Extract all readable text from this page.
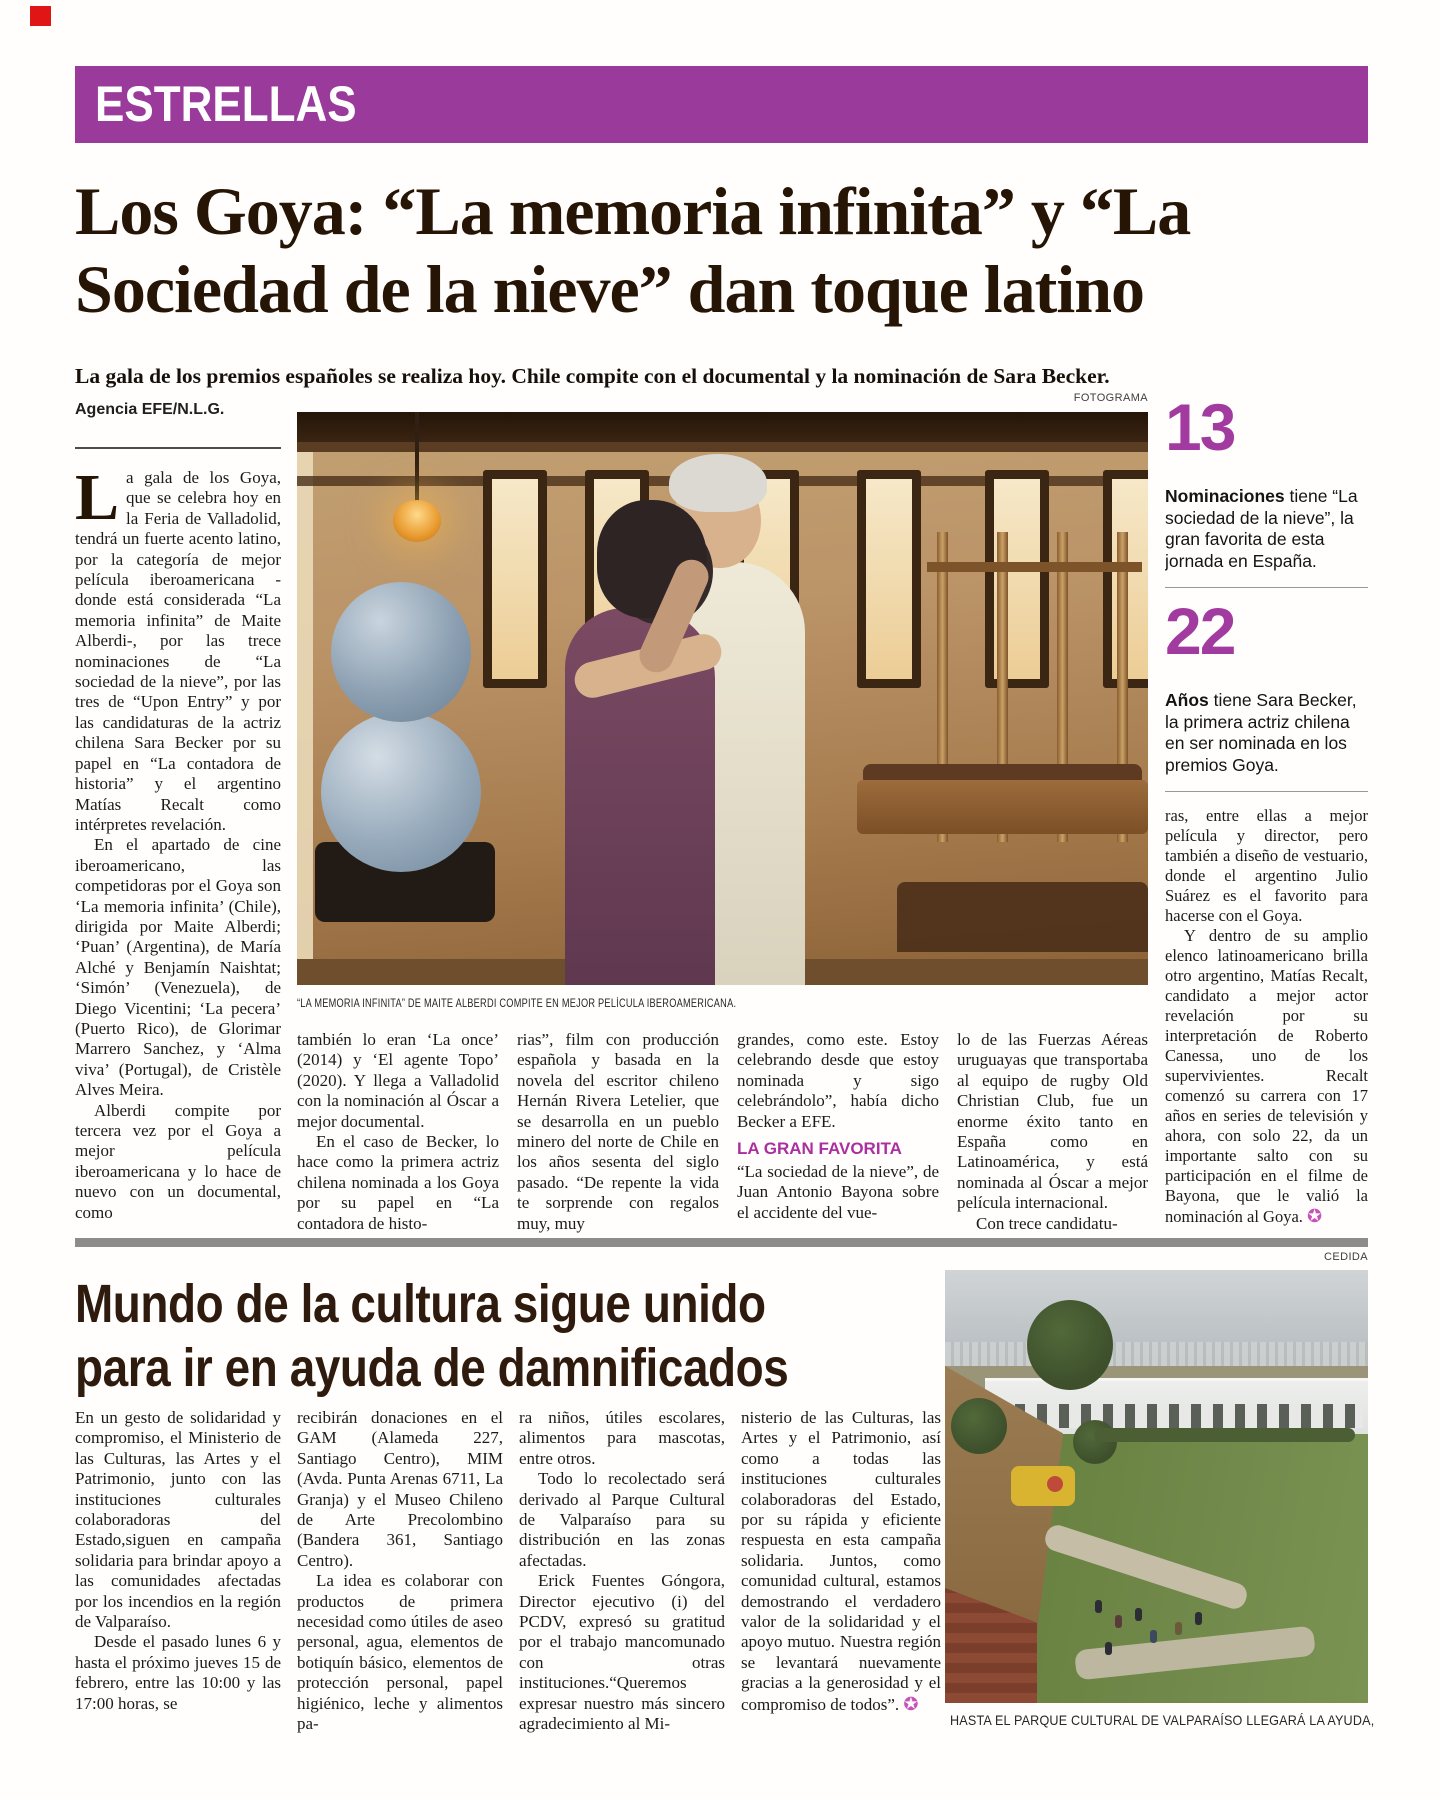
ESTRELLAS
Los Goya: “La memoria infinita” y “La
Sociedad de la nieve” dan toque latino
La gala de los premios españoles se realiza hoy. Chile compite con el documental y la nominación de Sara Becker.
Agencia EFE/N.L.G.
FOTOGRAMA
“LA MEMORIA INFINITA” DE MAITE ALBERDI COMPITE EN MEJOR PELÍCULA IBEROAMERICANA.

La gala de los Goya, que se celebra hoy en la Feria de Valladolid, tendrá un fuerte acento latino, por la categoría de mejor película iberoamericana -donde está considerada “La memoria infinita” de Maite Alberdi-, por las trece nominaciones de “La sociedad de la nieve”, por las tres de “Upon Entry” y por las candidaturas de la actriz chilena Sara Becker por su papel en “La contadora de historia” y el argentino Matías Recalt como intérpretes revelación.

En el apartado de cine iberoamericano, las competidoras por el Goya son ‘La memoria infinita’ (Chile), dirigida por Maite Alberdi; ‘Puan’ (Argentina), de María Alché y Benjamín Naishtat; ‘Simón’ (Venezuela), de Diego Vicentini; ‘La pecera’ (Puerto Rico), de Glorimar Marrero Sanchez, y ‘Alma viva’ (Portugal), de Cristèle Alves Meira.

Alberdi compite por tercera vez por el Goya a mejor película iberoamericana y lo hace de nuevo con un documental, como

también lo eran ‘La once’ (2014) y ‘El agente Topo’ (2020). Y llega a Valladolid con la nominación al Óscar a mejor documental.

En el caso de Becker, lo hace como la primera actriz chilena nominada a los Goya por su papel en “La contadora de histo-

rias”, film con producción española y basada en la novela del escritor chileno Hernán Rivera Letelier, que se desarrolla en un pueblo minero del norte de Chile en los años sesenta del siglo pasado. “De repente la vida te sorprende con regalos muy, muy

grandes, como este. Estoy celebrando desde que estoy nominada y sigo celebrándolo”, había dicho Becker a EFE.

LA GRAN FAVORITA

“La sociedad de la nieve”, de Juan Antonio Bayona sobre el accidente del vue-

lo de las Fuerzas Aéreas uruguayas que transportaba al equipo de rugby Old Christian Club, fue un enorme éxito tanto en España como en Latinoamérica, y está nominada al Óscar a mejor película internacional.

Con trece candidatu-

13

Nominaciones tiene “La sociedad de la nieve”, la gran favorita de esta jornada en España.

22

Años tiene Sara Becker, la primera actriz chilena en ser nominada en los premios Goya.

ras, entre ellas a mejor película y director, pero también a diseño de vestuario, donde el argentino Julio Suárez es el favorito para hacerse con el Goya.

Y dentro de su amplio elenco latinoamericano brilla otro argentino, Matías Recalt, candidato a mejor actor revelación por su interpretación de Roberto Canessa, uno de los supervivientes. Recalt comenzó su carrera con 17 años en series de televisión y ahora, con solo 22, da un importante salto con su participación en el filme de Bayona, que le valió la nominación al Goya. ✪

CEDIDA
Mundo de la cultura sigue unido
para ir en ayuda de damnificados
HASTA EL PARQUE CULTURAL DE VALPARAÍSO LLEGARÁ LA AYUDA,

En un gesto de solidaridad y compromiso, el Ministerio de las Culturas, las Artes y el Patrimonio, junto con las instituciones culturales colaboradoras del Estado,siguen en campaña solidaria para brindar apoyo a las comunidades afectadas por los incendios en la región de Valparaíso.

Desde el pasado lunes 6 y hasta el próximo jueves 15 de febrero, entre las 10:00 y las 17:00 horas, se

recibirán donaciones en el GAM (Alameda 227, Santiago Centro), MIM (Avda. Punta Arenas 6711, La Granja) y el Museo Chileno de Arte Precolombino (Bandera 361, Santiago Centro).

La idea es colaborar con productos de primera necesidad como útiles de aseo personal, agua, elementos de botiquín básico, elementos de protección personal, papel higiénico, leche y alimentos pa-

ra niños, útiles escolares, alimentos para mascotas, entre otros.

Todo lo recolectado será derivado al Parque Cultural de Valparaíso para su distribución en las zonas afectadas.

Erick Fuentes Góngora, Director ejecutivo (i) del PCDV, expresó su gratitud por el trabajo mancomunado con otras instituciones.“Queremos expresar nuestro más sincero agradecimiento al Mi-

nisterio de las Culturas, las Artes y el Patrimonio, así como a todas las instituciones culturales colaboradoras del Estado, por su rápida y eficiente respuesta en esta campaña solidaria. Juntos, como comunidad cultural, estamos demostrando el verdadero valor de la solidaridad y el apoyo mutuo. Nuestra región se levantará nuevamente gracias a la generosidad y el compromiso de todos”. ✪
